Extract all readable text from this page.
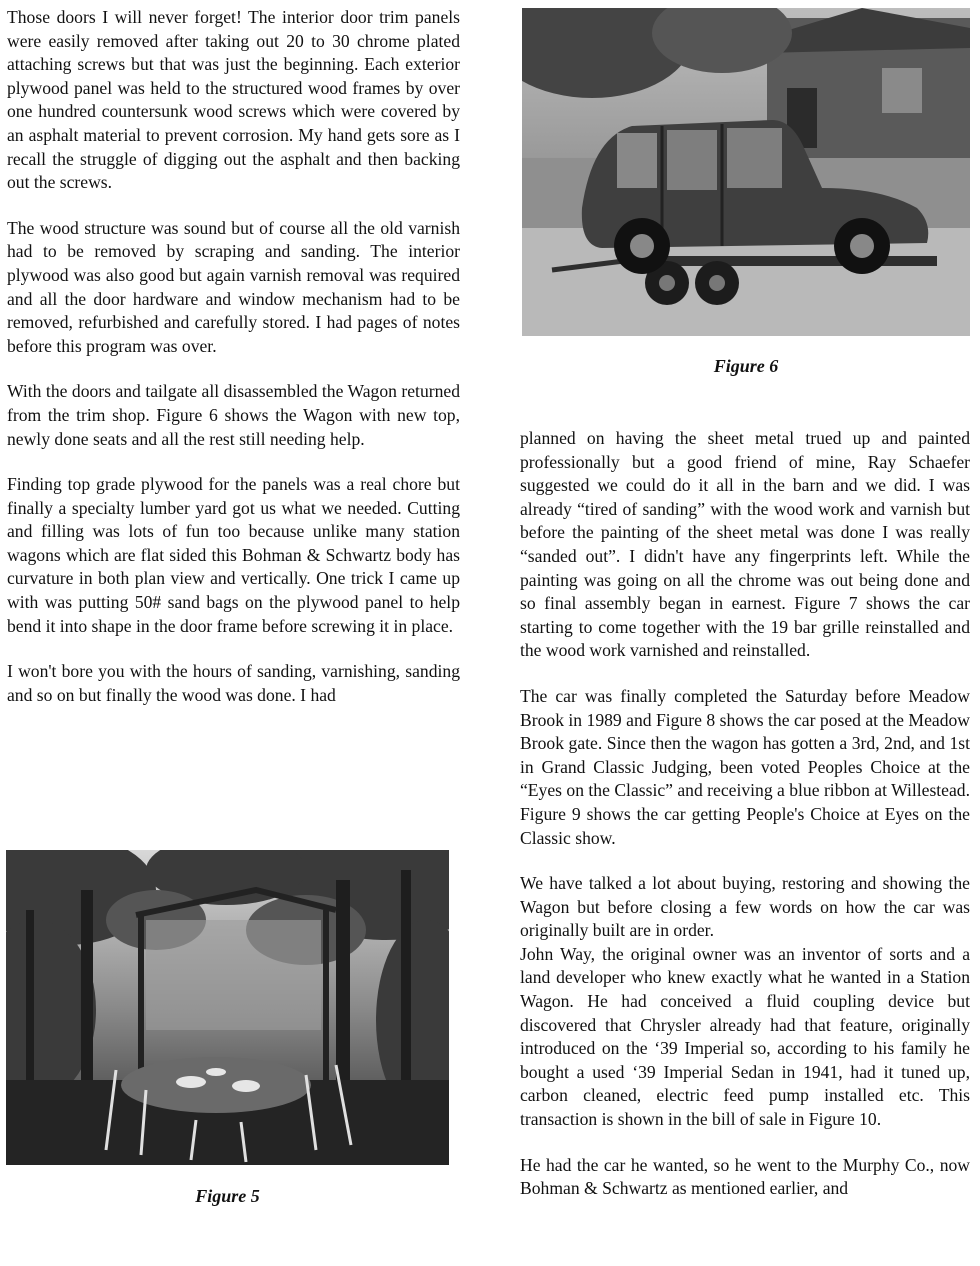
Those doors I will never forget! The interior door trim panels were easily removed after taking out 20 to 30 chrome plated attaching screws but that was just the beginning. Each exterior plywood panel was held to the structured wood frames by over one hundred countersunk wood screws which were covered by an asphalt material to prevent corrosion. My hand gets sore as I recall the struggle of digging out the asphalt and then backing out the screws.

The wood structure was sound but of course all the old varnish had to be removed by scraping and sanding. The interior plywood was also good but again varnish removal was required and all the door hardware and window mechanism had to be removed, refurbished and carefully stored. I had pages of notes before this program was over.

With the doors and tailgate all disassembled the Wagon returned from the trim shop. Figure 6 shows the Wagon with new top, newly done seats and all the rest still needing help.

Finding top grade plywood for the panels was a real chore but finally a specialty lumber yard got us what we needed. Cutting and filling was lots of fun too because unlike many station wagons which are flat sided this Bohman & Schwartz body has curvature in both plan view and vertically. One trick I came up with was putting 50# sand bags on the plywood panel to help bend it into shape in the door frame before screwing it in place.

I won't bore you with the hours of sanding, varnishing, sanding and so on but finally the wood was done. I had

Figure 5
Figure 6

planned on having the sheet metal trued up and painted professionally but a good friend of mine, Ray Schaefer suggested we could do it all in the barn and we did. I was already “tired of sanding” with the wood work and varnish but before the painting of the sheet metal was done I was really “sanded out”. I didn't have any fingerprints left. While the painting was going on all the chrome was out being done and so final assembly began in earnest. Figure 7 shows the car starting to come together with the 19 bar grille reinstalled and the wood work varnished and reinstalled.

The car was finally completed the Saturday before Meadow Brook in 1989 and Figure 8 shows the car posed at the Meadow Brook gate. Since then the wagon has gotten a 3rd, 2nd, and 1st in Grand Classic Judging, been voted Peoples Choice at the “Eyes on the Classic” and receiving a blue ribbon at Willestead. Figure 9 shows the car getting People's Choice at Eyes on the Classic show.

We have talked a lot about buying, restoring and showing the Wagon but before closing a few words on how the car was originally built are in order.

John Way, the original owner was an inventor of sorts and a land developer who knew exactly what he wanted in a Station Wagon. He had conceived a fluid coupling device but discovered that Chrysler already had that feature, originally introduced on the ‘39 Imperial so, according to his family he bought a used ‘39 Imperial Sedan in 1941, had it tuned up, carbon cleaned, electric feed pump installed etc. This transaction is shown in the bill of sale in Figure 10.

He had the car he wanted, so he went to the Murphy Co., now Bohman & Schwartz as mentioned earlier, and
